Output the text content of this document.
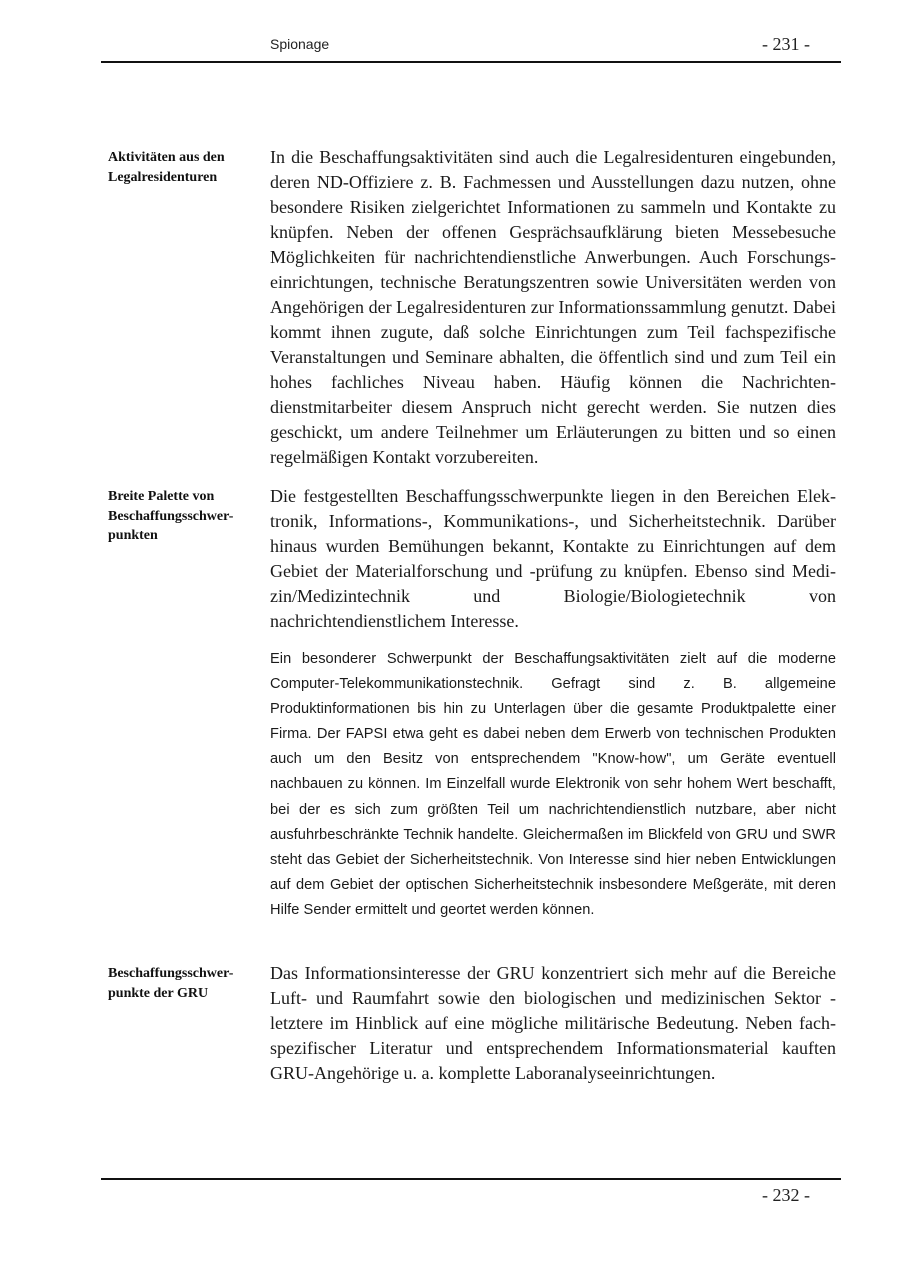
Spionage	- 231 -
Aktivitäten aus den Legalresidenturen
In die Beschaffungsaktivitäten sind auch die Legalresidenturen eingebunden, deren ND-Offiziere z. B. Fachmessen und Ausstellungen dazu nutzen, ohne besondere Risiken zielgerichtet Informationen zu sammeln und Kontakte zu knüpfen. Neben der offenen Gesprächsaufklärung bieten Messebesuche Möglichkeiten für nachrichtendienstliche Anwerbungen. Auch Forschungseinrichtungen, technische Beratungszentren sowie Universitäten werden von Angehörigen der Legalresidenturen zur Informationssammlung genutzt. Dabei kommt ihnen zugute, daß solche Einrichtungen zum Teil fachspezifische Veranstaltungen und Seminare abhalten, die öffentlich sind und zum Teil ein hohes fachliches Niveau haben. Häufig können die Nachrichtendienstmitarbeiter diesem Anspruch nicht gerecht werden. Sie nutzen dies geschickt, um andere Teilnehmer um Erläuterungen zu bitten und so einen regelmäßigen Kontakt vorzubereiten.
Breite Palette von Beschaffungsschwer-punkten
Die festgestellten Beschaffungsschwerpunkte liegen in den Bereichen Elektronik, Informations-, Kommunikations-, und Sicherheitstechnik. Darüber hinaus wurden Bemühungen bekannt, Kontakte zu Einrichtungen auf dem Gebiet der Materialforschung und -prüfung zu knüpfen. Ebenso sind Medizin/Medizintechnik und Biologie/Biologietechnik von nachrichtendienstlichem Interesse.
Ein besonderer Schwerpunkt der Beschaffungsaktivitäten zielt auf die moderne Computer-Telekommunikationstechnik. Gefragt sind z. B. allgemeine Produktinformationen bis hin zu Unterlagen über die gesamte Produktpalette einer Firma. Der FAPSI etwa geht es dabei neben dem Erwerb von technischen Produkten auch um den Besitz von entsprechendem "Know-how", um Geräte eventuell nachbauen zu können. Im Einzelfall wurde Elektronik von sehr hohem Wert beschafft, bei der es sich zum größten Teil um nachrichtendienstlich nutzbare, aber nicht ausfuhrbeschränkte Technik handelte. Gleichermaßen im Blickfeld von GRU und SWR steht das Gebiet der Sicherheitstechnik. Von Interesse sind hier neben Entwicklungen auf dem Gebiet der optischen Sicherheitstechnik insbesondere Meßgeräte, mit deren Hilfe Sender ermittelt und geortet werden können.
Beschaffungsschwer-punkte der GRU
Das Informationsinteresse der GRU konzentriert sich mehr auf die Bereiche Luft- und Raumfahrt sowie den biologischen und medizinischen Sektor - letztere im Hinblick auf eine mögliche militärische Bedeutung. Neben fachspezifischer Literatur und entsprechendem Informationsmaterial kauften GRU-Angehörige u. a. komplette Laboranalyseeinrichtungen.
- 232 -
